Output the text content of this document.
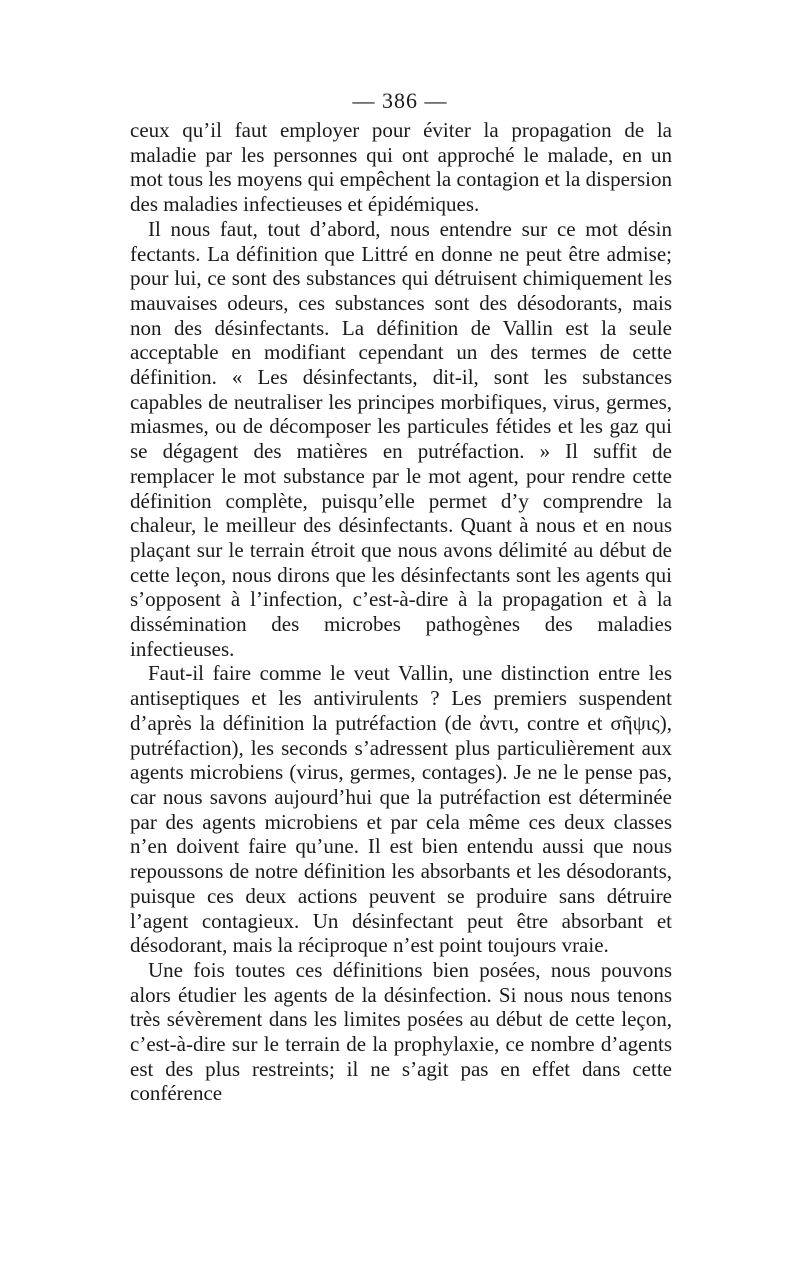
— 386 —

ceux qu’il faut employer pour éviter la propagation de la maladie par les personnes qui ont approché le malade, en un mot tous les moyens qui empêchent la contagion et la dispersion des maladies infectieuses et épidémiques.

Il nous faut, tout d’abord, nous entendre sur ce mot désin fectants. La définition que Littré en donne ne peut être admise; pour lui, ce sont des substances qui détruisent chimiquement les mauvaises odeurs, ces substances sont des désodorants, mais non des désinfectants. La définition de Vallin est la seule acceptable en modifiant cependant un des termes de cette définition. « Les désinfectants, dit-il, sont les substances capables de neutraliser les principes morbifiques, virus, germes, miasmes, ou de décomposer les particules fétides et les gaz qui se dégagent des matières en putréfaction. » Il suffit de remplacer le mot substance par le mot agent, pour rendre cette définition complète, puisqu’elle permet d’y comprendre la chaleur, le meilleur des désinfectants. Quant à nous et en nous plaçant sur le terrain étroit que nous avons délimité au début de cette leçon, nous dirons que les désinfectants sont les agents qui s’opposent à l’infection, c’est-à-dire à la propagation et à la dissémination des microbes pathogènes des maladies infectieuses.

Faut-il faire comme le veut Vallin, une distinction entre les antiseptiques et les antivirulents ? Les premiers suspendent d’après la définition la putréfaction (de ἀντι, contre et σῆψις), putréfaction), les seconds s’adressent plus particulièrement aux agents microbiens (virus, germes, contages). Je ne le pense pas, car nous savons aujourd’hui que la putréfaction est déterminée par des agents microbiens et par cela même ces deux classes n’en doivent faire qu’une. Il est bien entendu aussi que nous repoussons de notre définition les absorbants et les désodorants, puisque ces deux actions peuvent se produire sans détruire l’agent contagieux. Un désinfectant peut être absorbant et désodorant, mais la réciproque n’est point toujours vraie.

Une fois toutes ces définitions bien posées, nous pouvons alors étudier les agents de la désinfection. Si nous nous tenons très sévèrement dans les limites posées au début de cette leçon, c’est-à-dire sur le terrain de la prophylaxie, ce nombre d’agents est des plus restreints; il ne s’agit pas en effet dans cette conférence
